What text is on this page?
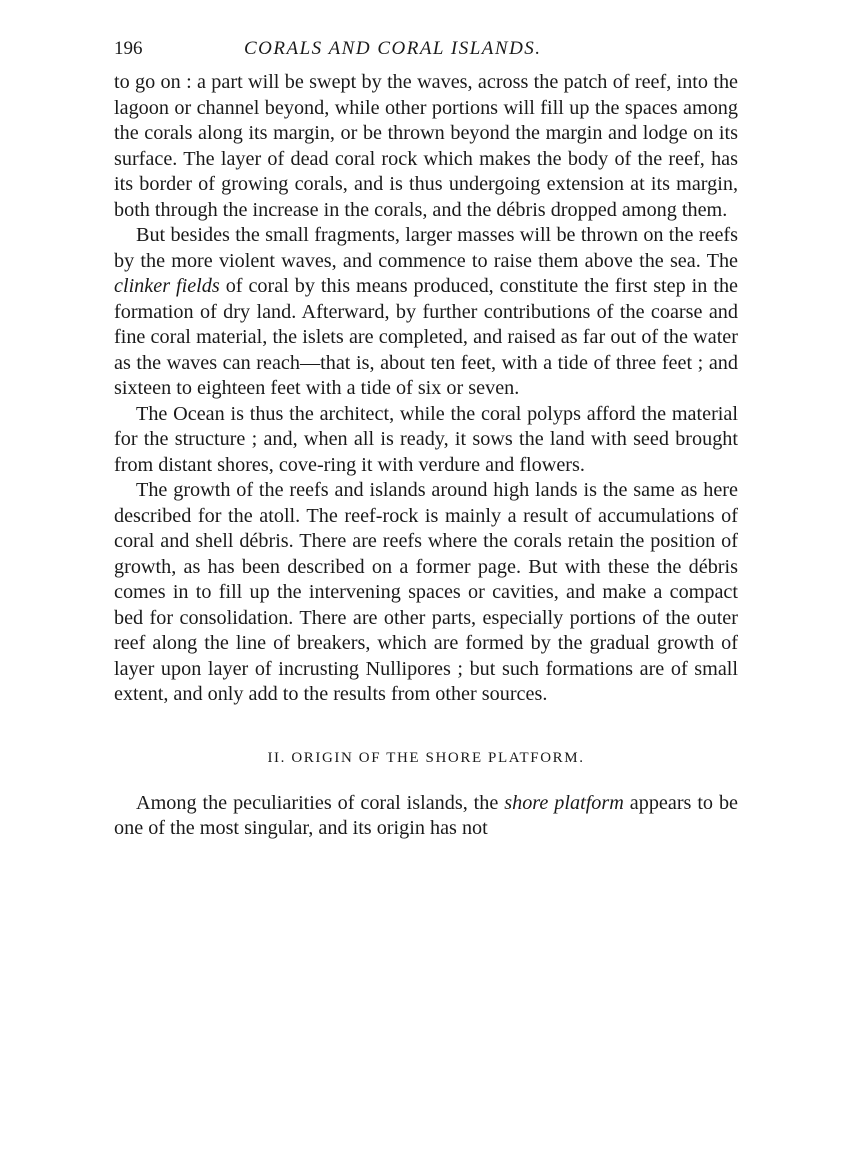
196	CORALS AND CORAL ISLANDS.

to go on : a part will be swept by the waves, across the patch of reef, into the lagoon or channel beyond, while other portions will fill up the spaces among the corals along its margin, or be thrown beyond the margin and lodge on its surface. The layer of dead coral rock which makes the body of the reef, has its border of growing corals, and is thus undergoing extension at its margin, both through the increase in the corals, and the débris dropped among them.

But besides the small fragments, larger masses will be thrown on the reefs by the more violent waves, and commence to raise them above the sea. The clinker fields of coral by this means produced, constitute the first step in the formation of dry land. Afterward, by further contributions of the coarse and fine coral material, the islets are completed, and raised as far out of the water as the waves can reach—that is, about ten feet, with a tide of three feet ; and sixteen to eighteen feet with a tide of six or seven.

The Ocean is thus the architect, while the coral polyps afford the material for the structure ; and, when all is ready, it sows the land with seed brought from distant shores, cove-ring it with verdure and flowers.

The growth of the reefs and islands around high lands is the same as here described for the atoll. The reef-rock is mainly a result of accumulations of coral and shell débris. There are reefs where the corals retain the position of growth, as has been described on a former page. But with these the débris comes in to fill up the intervening spaces or cavities, and make a compact bed for consolidation. There are other parts, especially portions of the outer reef along the line of breakers, which are formed by the gradual growth of layer upon layer of incrusting Nullipores ; but such formations are of small extent, and only add to the results from other sources.

II. ORIGIN OF THE SHORE PLATFORM.

Among the peculiarities of coral islands, the shore platform appears to be one of the most singular, and its origin has not
